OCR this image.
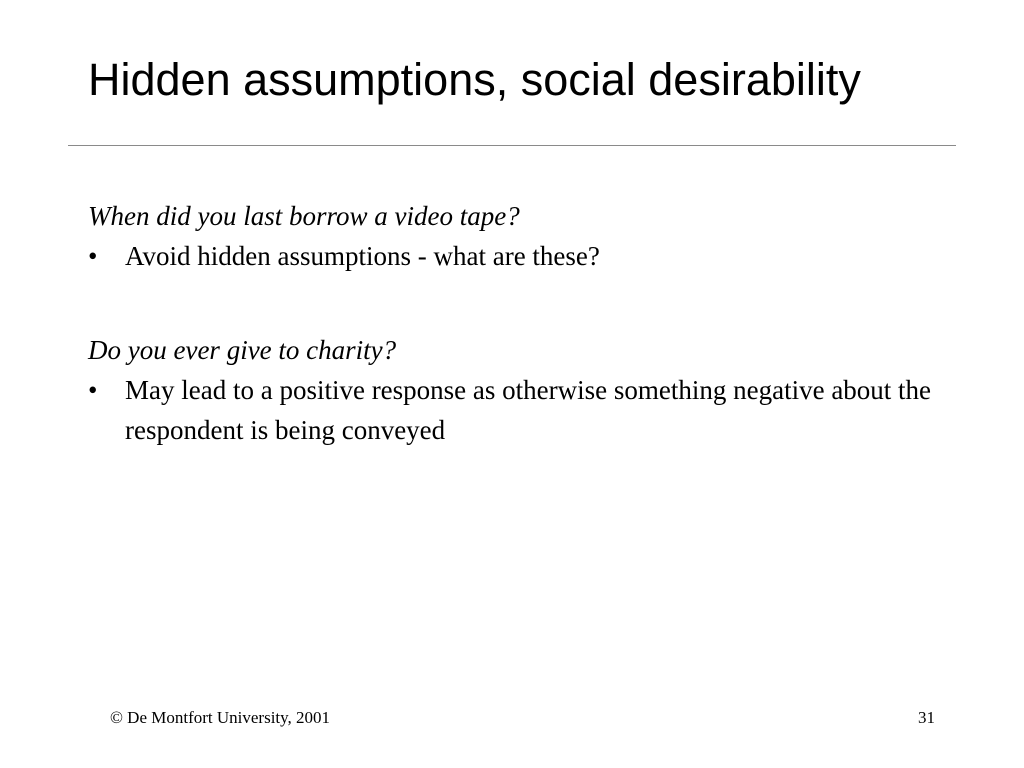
Hidden assumptions, social desirability

When did you last borrow a video tape?

• Avoid hidden assumptions - what are these?

Do you ever give to charity?

• May lead to a positive response as otherwise something negative about the respondent is being conveyed

© De Montfort University, 2001	31
